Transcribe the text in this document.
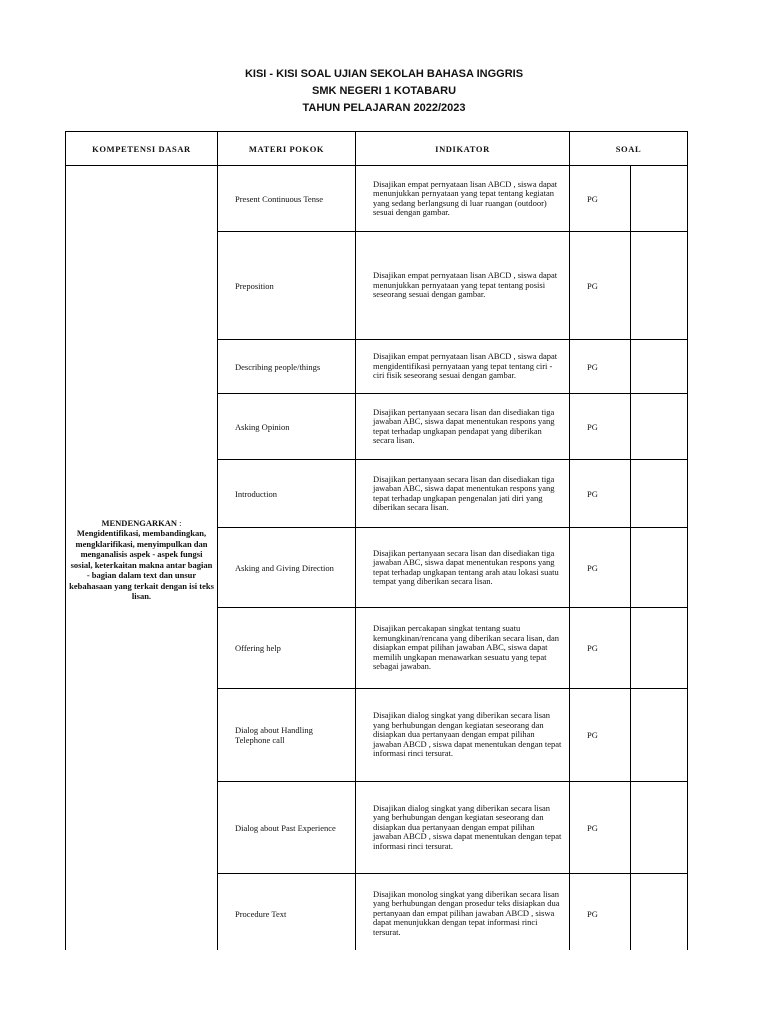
KISI - KISI SOAL UJIAN SEKOLAH BAHASA INGGRIS
SMK NEGERI 1 KOTABARU
TAHUN PELAJARAN 2022/2023
KOMPETENSI DASAR	MATERI POKOK	INDIKATOR	SOAL	

MENDENGARKAN : Mengidentifikasi, membandingkan, mengklarifikasi, menyimpulkan dan menganalisis aspek - aspek fungsi sosial, keterkaitan makna antar bagian - bagian dalam text dan unsur kebahasaan yang terkait dengan isi teks lisan.	Present Continuous Tense	Disajikan empat pernyataan lisan ABCD , siswa dapat menunjukkan pernyataan yang tepat tentang kegiatan yang sedang berlangsung di luar ruangan (outdoor) sesuai dengan gambar.	PG	
	Preposition	Disajikan empat pernyataan lisan ABCD , siswa dapat menunjukkan pernyataan yang tepat tentang posisi seseorang sesuai dengan gambar.	PG	
	Describing people/things	Disajikan empat pernyataan lisan ABCD , siswa dapat mengidentifikasi pernyataan yang tepat tentang ciri - ciri fisik seseorang sesuai dengan gambar.	PG	
	Asking Opinion	Disajikan pertanyaan secara lisan dan disediakan tiga jawaban ABC, siswa dapat menentukan respons yang tepat terhadap ungkapan pendapat yang diberikan secara lisan.	PG	
	Introduction	Disajikan pertanyaan secara lisan dan disediakan tiga jawaban ABC, siswa dapat menentukan respons yang tepat terhadap ungkapan pengenalan jati diri yang diberikan secara lisan.	PG	
	Asking and Giving Direction	Disajikan pertanyaan secara lisan dan disediakan tiga jawaban ABC, siswa dapat menentukan respons yang tepat terhadap ungkapan tentang arah atau lokasi suatu tempat yang diberikan secara lisan.	PG	
	Offering help	Disajikan percakapan singkat tentang suatu kemungkinan/rencana yang diberikan secara lisan, dan disiapkan empat pilihan jawaban ABC, siswa dapat memilih ungkapan menawarkan sesuatu yang tepat sebagai jawaban.	PG	
	Dialog about Handling Telephone call	Disajikan dialog singkat yang diberikan secara lisan yang berhubungan dengan kegiatan seseorang dan disiapkan dua pertanyaan dengan empat pilihan jawaban ABCD , siswa dapat menentukan dengan tepat informasi rinci tersurat.	PG	
	Dialog about Past Experience	Disajikan dialog singkat yang diberikan secara lisan yang berhubungan dengan kegiatan seseorang dan disiapkan dua pertanyaan dengan empat pilihan jawaban ABCD , siswa dapat menentukan dengan tepat informasi rinci tersurat.	PG	
	Procedure Text	Disajikan monolog singkat yang diberikan secara lisan yang berhubungan dengan prosedur teks disiapkan dua pertanyaan dan empat pilihan jawaban ABCD , siswa dapat menunjukkan dengan tepat informasi rinci tersurat.	PG	
